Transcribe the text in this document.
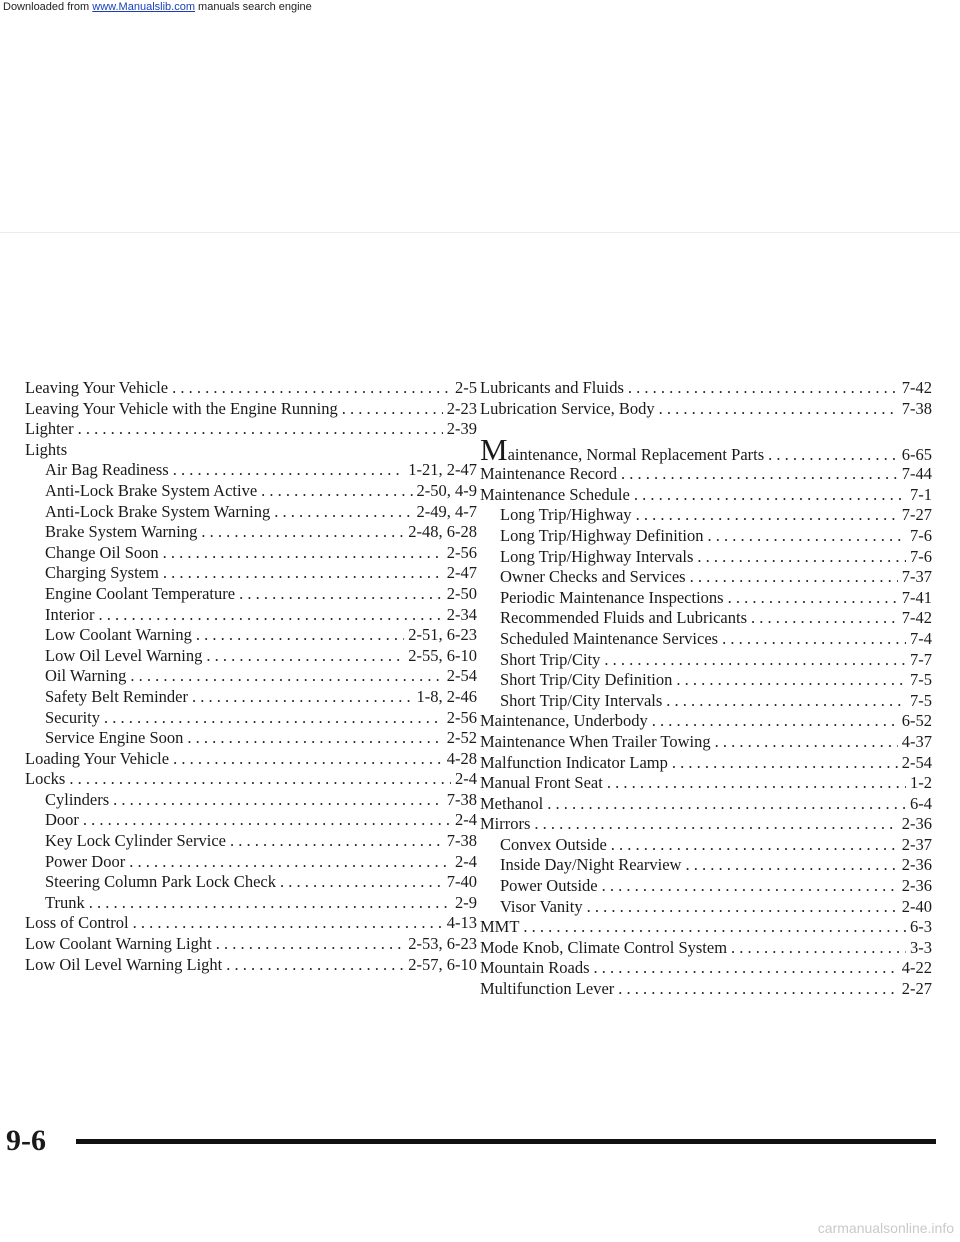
Downloaded from www.Manualslib.com manuals search engine
Leaving Your Vehicle . . .	2-5
Leaving Your Vehicle with the Engine Running . . .	2-23
Lighter . . .	2-39
Lights
Air Bag Readiness . . .	1-21, 2-47
Anti-Lock Brake System Active . . .	2-50, 4-9
Anti-Lock Brake System Warning . . .	2-49, 4-7
Brake System Warning . . .	2-48, 6-28
Change Oil Soon . . .	2-56
Charging System . . .	2-47
Engine Coolant Temperature . . .	2-50
Interior . . .	2-34
Low Coolant Warning . . .	2-51, 6-23
Low Oil Level Warning . . .	2-55, 6-10
Oil Warning . . .	2-54
Safety Belt Reminder . . .	1-8, 2-46
Security . . .	2-56
Service Engine Soon . . .	2-52
Loading Your Vehicle . . .	4-28
Locks . . .	2-4
Cylinders . . .	7-38
Door . . .	2-4
Key Lock Cylinder Service . . .	7-38
Power Door . . .	2-4
Steering Column Park Lock Check . . .	7-40
Trunk . . .	2-9
Loss of Control . . .	4-13
Low Coolant Warning Light . . .	2-53, 6-23
Low Oil Level Warning Light . . .	2-57, 6-10
Lubricants and Fluids . . .	7-42
Lubrication Service, Body . . .	7-38
Maintenance, Normal Replacement Parts . . .	6-65
Maintenance Record . . .	7-44
Maintenance Schedule . . .	7-1
Long Trip/Highway . . .	7-27
Long Trip/Highway Definition . . .	7-6
Long Trip/Highway Intervals . . .	7-6
Owner Checks and Services . . .	7-37
Periodic Maintenance Inspections . . .	7-41
Recommended Fluids and Lubricants . . .	7-42
Scheduled Maintenance Services . . .	7-4
Short Trip/City . . .	7-7
Short Trip/City Definition . . .	7-5
Short Trip/City Intervals . . .	7-5
Maintenance, Underbody . . .	6-52
Maintenance When Trailer Towing . . .	4-37
Malfunction Indicator Lamp . . .	2-54
Manual Front Seat . . .	1-2
Methanol . . .	6-4
Mirrors . . .	2-36
Convex Outside . . .	2-37
Inside Day/Night Rearview . . .	2-36
Power Outside . . .	2-36
Visor Vanity . . .	2-40
MMT . . .	6-3
Mode Knob, Climate Control System . . .	3-3
Mountain Roads . . .	4-22
Multifunction Lever . . .	2-27
9-6
carmanualsonline.info
